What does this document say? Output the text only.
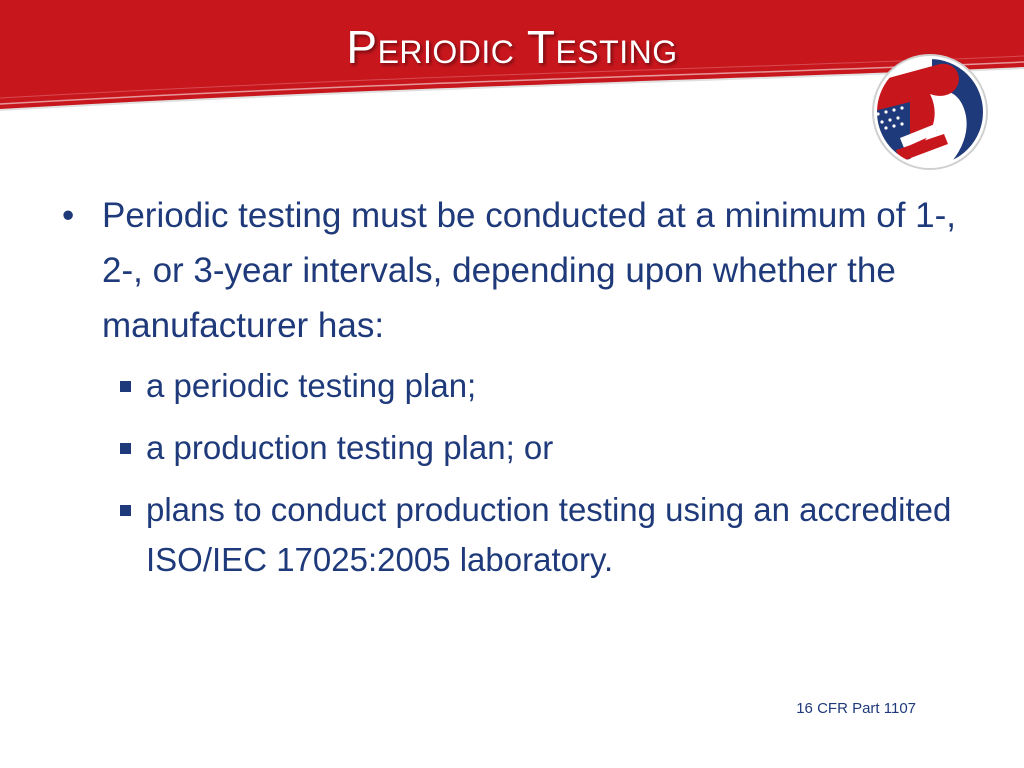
Periodic Testing
• Periodic testing must be conducted at a minimum of 1-, 2-, or 3-year intervals, depending upon whether the manufacturer has:
a periodic testing plan;
a production testing plan; or
plans to conduct production testing using an accredited ISO/IEC 17025:2005 laboratory.
16 CFR Part 1107
